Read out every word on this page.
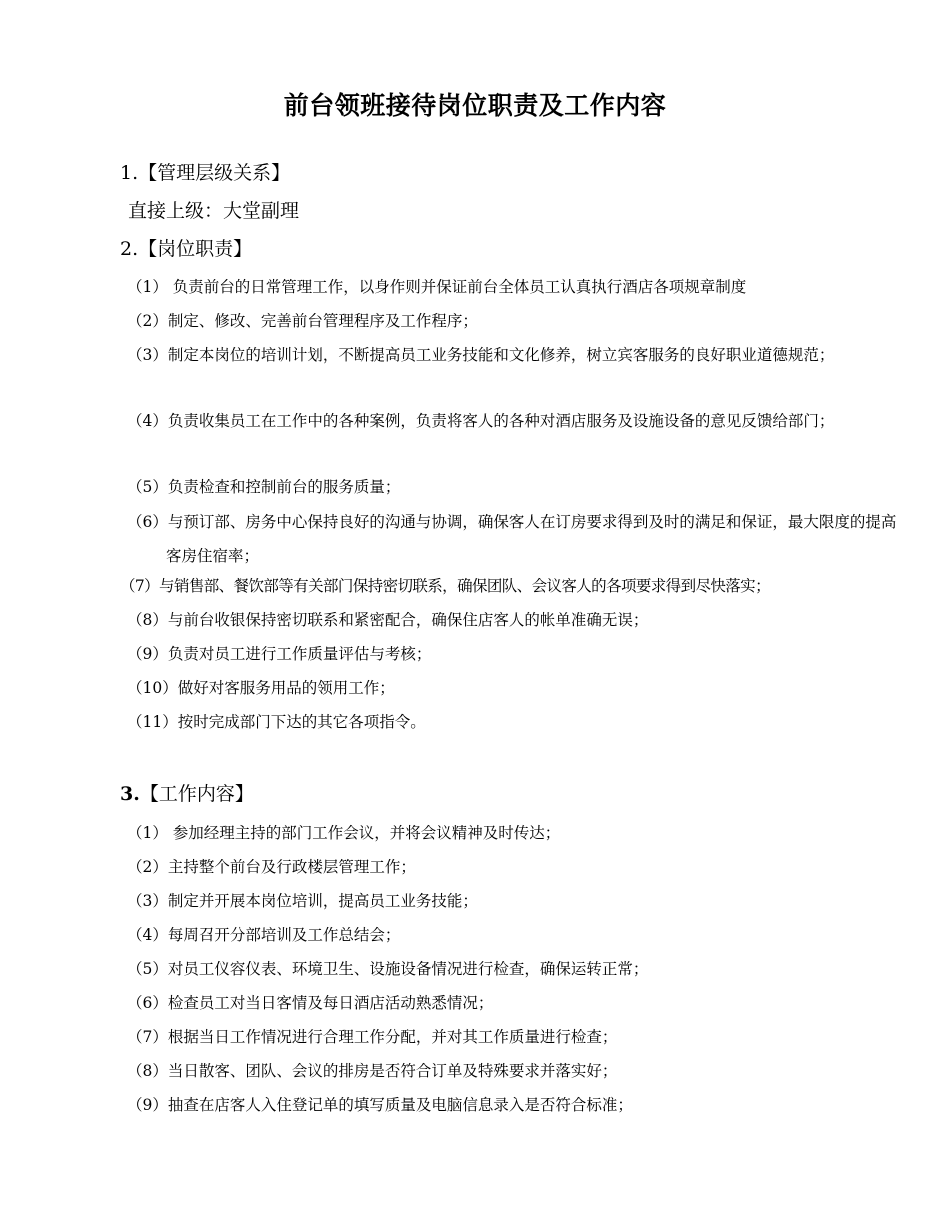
前台领班接待岗位职责及工作内容
1.【管理层级关系】
直接上级：大堂副理
2.【岗位职责】
（1） 负责前台的日常管理工作，以身作则并保证前台全体员工认真执行酒店各项规章制度
（2）制定、修改、完善前台管理程序及工作程序；
（3）制定本岗位的培训计划，不断提高员工业务技能和文化修养，树立宾客服务的良好职业道德规范；
（4）负责收集员工在工作中的各种案例，负责将客人的各种对酒店服务及设施设备的意见反馈给部门；
（5）负责检查和控制前台的服务质量；
（6）与预订部、房务中心保持良好的沟通与协调，确保客人在订房要求得到及时的满足和保证，最大限度的提高客房住宿率；
（7）与销售部、餐饮部等有关部门保持密切联系，确保团队、会议客人的各项要求得到尽快落实；
（8）与前台收银保持密切联系和紧密配合，确保住店客人的帐单准确无误；
（9）负责对员工进行工作质量评估与考核；
（10）做好对客服务用品的领用工作；
（11）按时完成部门下达的其它各项指令。
3.【工作内容】
（1） 参加经理主持的部门工作会议，并将会议精神及时传达；
（2）主持整个前台及行政楼层管理工作；
（3）制定并开展本岗位培训，提高员工业务技能；
（4）每周召开分部培训及工作总结会；
（5）对员工仪容仪表、环境卫生、设施设备情况进行检查，确保运转正常；
（6）检查员工对当日客情及每日酒店活动熟悉情况；
（7）根据当日工作情况进行合理工作分配，并对其工作质量进行检查；
（8）当日散客、团队、会议的排房是否符合订单及特殊要求并落实好；
（9）抽查在店客人入住登记单的填写质量及电脑信息录入是否符合标准；
